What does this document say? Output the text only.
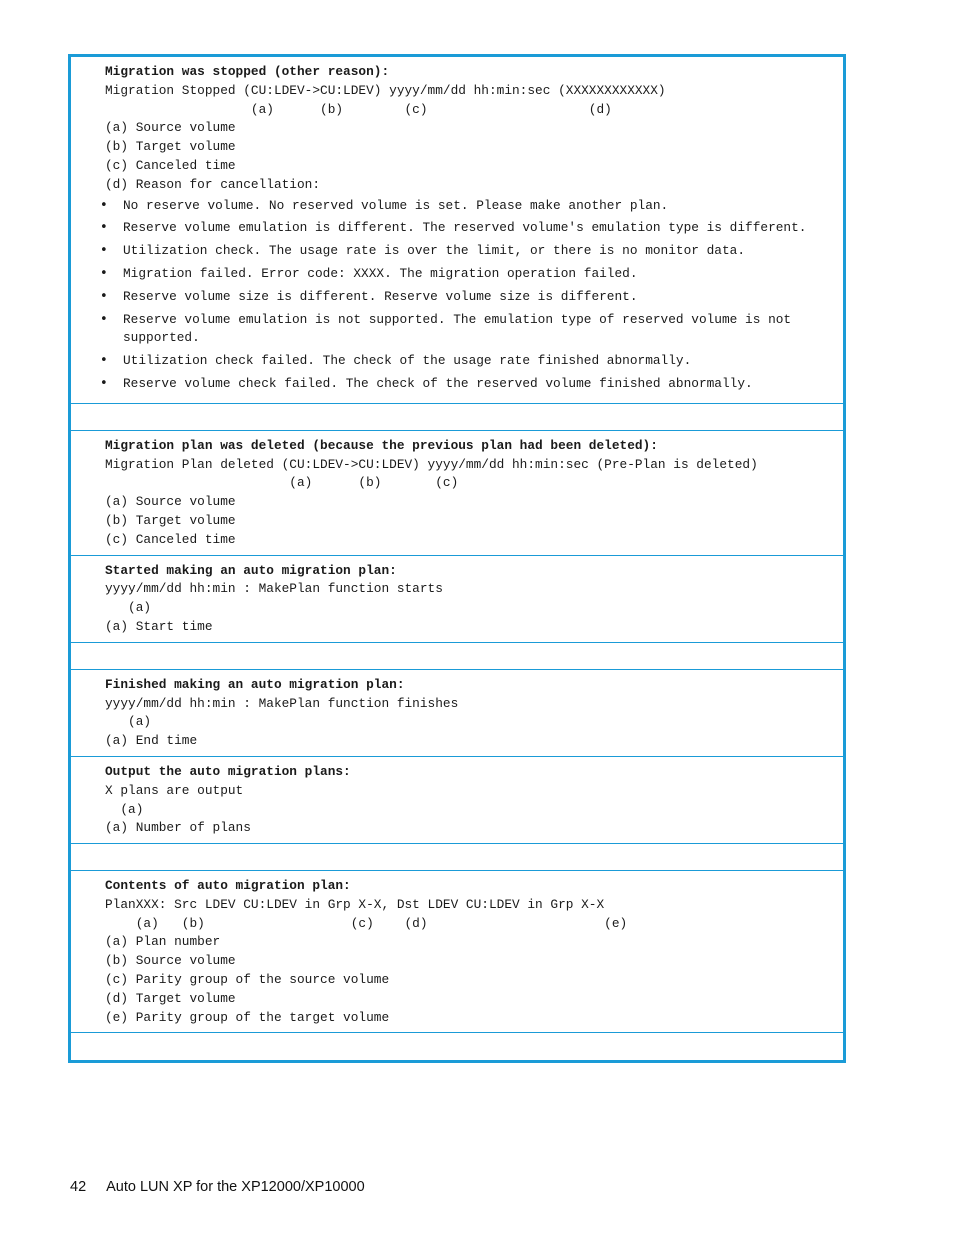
Migration was stopped (other reason):
Migration Stopped (CU:LDEV->CU:LDEV) yyyy/mm/dd hh:min:sec (XXXXXXXXXXXX)
(a)      (b)        (c)                     (d)
(a) Source volume
(b) Target volume
(c) Canceled time
(d) Reason for cancellation:
• No reserve volume. No reserved volume is set. Please make another plan.
• Reserve volume emulation is different. The reserved volume's emulation type is different.
• Utilization check. The usage rate is over the limit, or there is no monitor data.
• Migration failed. Error code: XXXX. The migration operation failed.
• Reserve volume size is different. Reserve volume size is different.
• Reserve volume emulation is not supported. The emulation type of reserved volume is not supported.
• Utilization check failed. The check of the usage rate finished abnormally.
• Reserve volume check failed. The check of the reserved volume finished abnormally.
Migration plan was deleted (because the previous plan had been deleted):
Migration Plan deleted (CU:LDEV->CU:LDEV) yyyy/mm/dd hh:min:sec (Pre-Plan is deleted)
(a)      (b)       (c)
(a) Source volume
(b) Target volume
(c) Canceled time
Started making an auto migration plan:
yyyy/mm/dd hh:min : MakePlan function starts
(a)
(a) Start time
Finished making an auto migration plan:
yyyy/mm/dd hh:min : MakePlan function finishes
(a)
(a) End time
Output the auto migration plans:
X plans are output
(a)
(a) Number of plans
Contents of auto migration plan:
PlanXXX: Src LDEV CU:LDEV in Grp X-X, Dst LDEV CU:LDEV in Grp X-X
(a)   (b)                   (c)    (d)                       (e)
(a) Plan number
(b) Source volume
(c) Parity group of the source volume
(d) Target volume
(e) Parity group of the target volume
42 Auto LUN XP for the XP12000/XP10000
